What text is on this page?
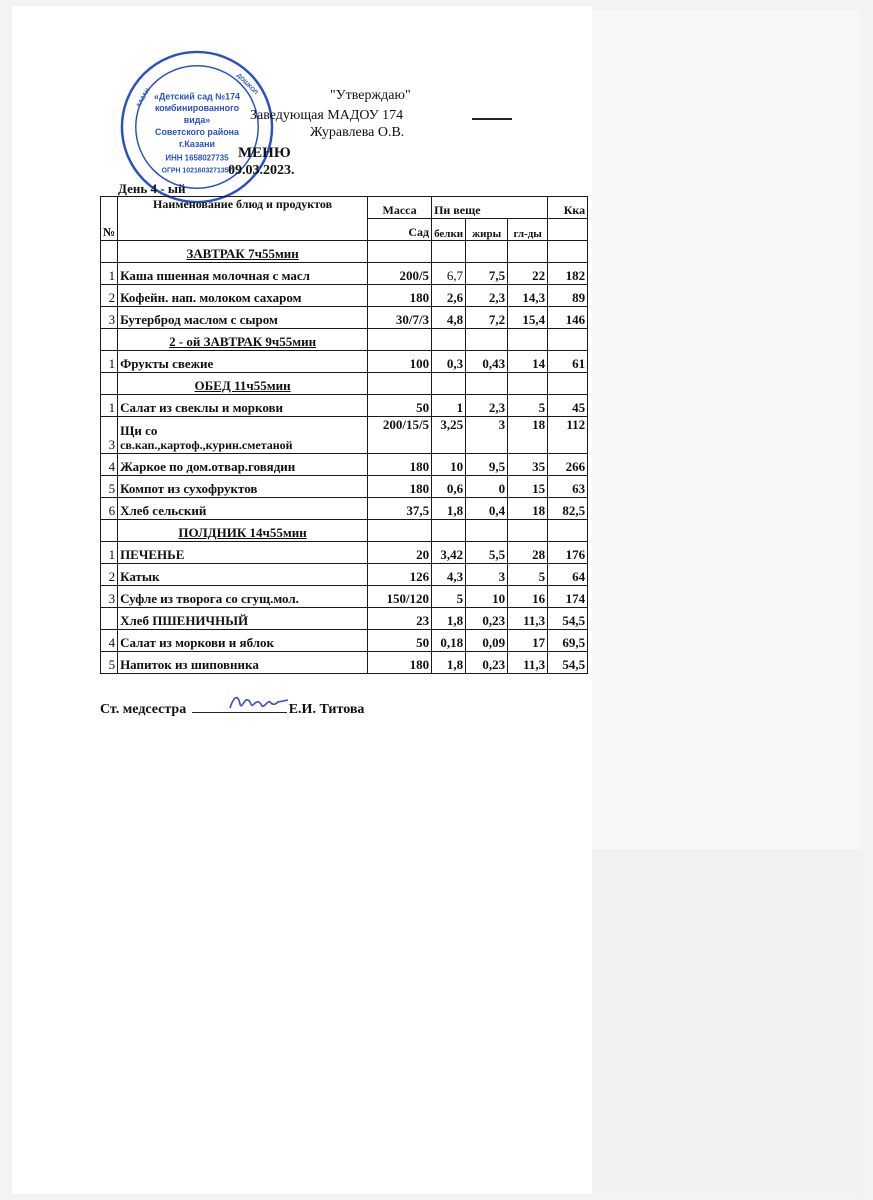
«Детский сад №174
комбинированного
вида»
Советского района
г.Казани
ИНН 1658027735
ОГРН 1021603271357
КАЗАН
ДОШКОЛ	"Утверждаю"
Заведующая МАДОУ 174
Журавлева О.В.
МЕНЮ
09.03.2023.
День 4 - ый
№	Наименование блюд и продуктов	Масса	Пи веще			Кка
		Сад	белки	жиры	гл-ды	
	ЗАВТРАК 7ч55мин					
1	Каша пшенная молочная с масл	200/5	6,7	7,5	22	182
2	Кофейн. нап. молоком сахаром	180	2,6	2,3	14,3	89
3	Бутерброд маслом с сыром	30/7/3	4,8	7,2	15,4	146
	2 - ой ЗАВТРАК 9ч55мин					
1	Фрукты свежие	100	0,3	0,43	14	61
	ОБЕД 11ч55мин					
1	Салат из свеклы и моркови	50	1	2,3	5	45
3	Щи со
св.кап.,картоф.,курин.сметаной	200/15/5	3,25	3	18	112
4	Жаркое по дом.отвар.говядин	180	10	9,5	35	266
5	Компот из сухофруктов	180	0,6	0	15	63
6	Хлеб сельский	37,5	1,8	0,4	18	82,5
	ПОЛДНИК 14ч55мин					
1	ПЕЧЕНЬЕ	20	3,42	5,5	28	176
2	Катык	126	4,3	3	5	64
3	Суфле из творога со сгущ.мол.	150/120	5	10	16	174
	Хлеб ПШЕНИЧНЫЙ	23	1,8	0,23	11,3	54,5
4	Салат из моркови и яблок	50	0,18	0,09	17	69,5
5	Напиток из шиповника	180	1,8	0,23	11,3	54,5
Ст. медсестра	Е.И. Титова
